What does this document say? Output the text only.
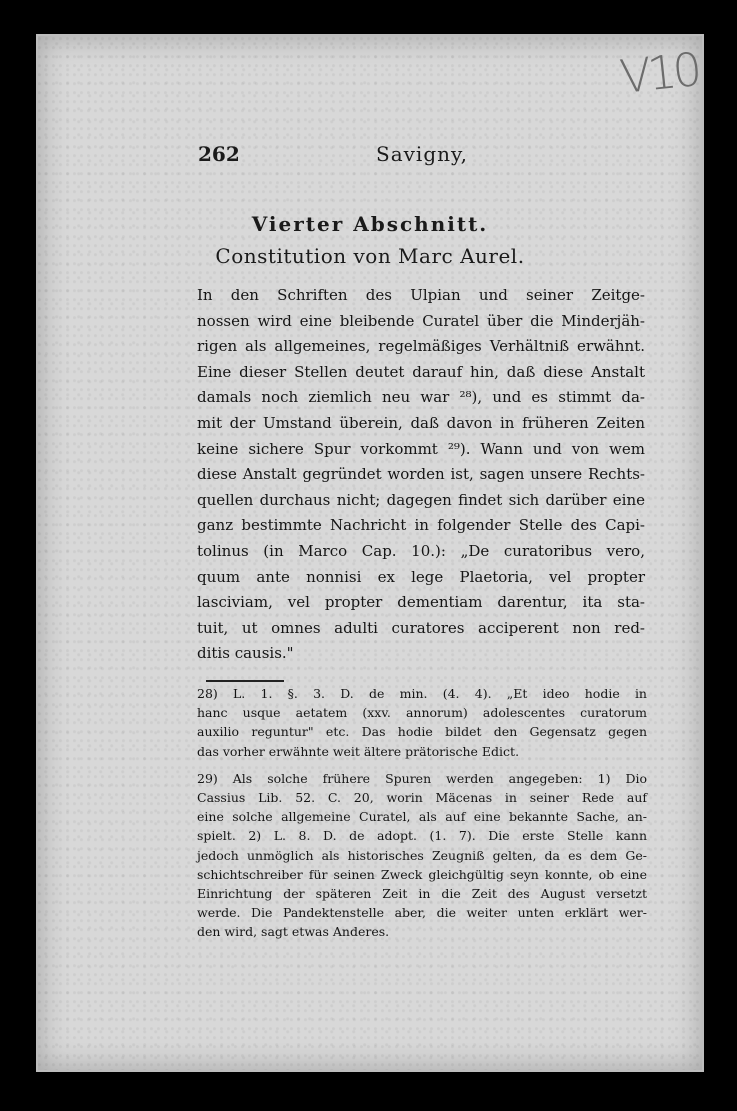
V10
262	Savigny,
Vierter Abschnitt.
Constitution von Marc Aurel.
In den Schriften des Ulpian und seiner Zeitge-
nossen wird eine bleibende Curatel über die Minderjäh-
rigen als allgemeines, regelmäßiges Verhältniß erwähnt.
Eine dieser Stellen deutet darauf hin, daß diese Anstalt
damals noch ziemlich neu war ²⁸), und es stimmt da-
mit der Umstand überein, daß davon in früheren Zeiten
keine sichere Spur vorkommt ²⁹). Wann und von wem
diese Anstalt gegründet worden ist, sagen unsere Rechts-
quellen durchaus nicht; dagegen findet sich darüber eine
ganz bestimmte Nachricht in folgender Stelle des Capi-
tolinus (in Marco Cap. 10.): „De curatoribus vero,
quum ante nonnisi ex lege Plaetoria, vel propter
lasciviam, vel propter dementiam darentur, ita sta-
tuit, ut omnes adulti curatores acciperent non red-
ditis causis."
28) L. 1. §. 3. D. de min. (4. 4). „Et ideo hodie in
hanc usque aetatem (xxv. annorum) adolescentes curatorum
auxilio reguntur" etc. Das hodie bildet den Gegensatz gegen
das vorher erwähnte weit ältere prätorische Edict.
29) Als solche frühere Spuren werden angegeben: 1) Dio
Cassius Lib. 52. C. 20, worin Mäcenas in seiner Rede auf
eine solche allgemeine Curatel, als auf eine bekannte Sache, an-
spielt. 2) L. 8. D. de adopt. (1. 7). Die erste Stelle kann
jedoch unmöglich als historisches Zeugniß gelten, da es dem Ge-
schichtschreiber für seinen Zweck gleichgültig seyn konnte, ob eine
Einrichtung der späteren Zeit in die Zeit des August versetzt
werde. Die Pandektenstelle aber, die weiter unten erklärt wer-
den wird, sagt etwas Anderes.
